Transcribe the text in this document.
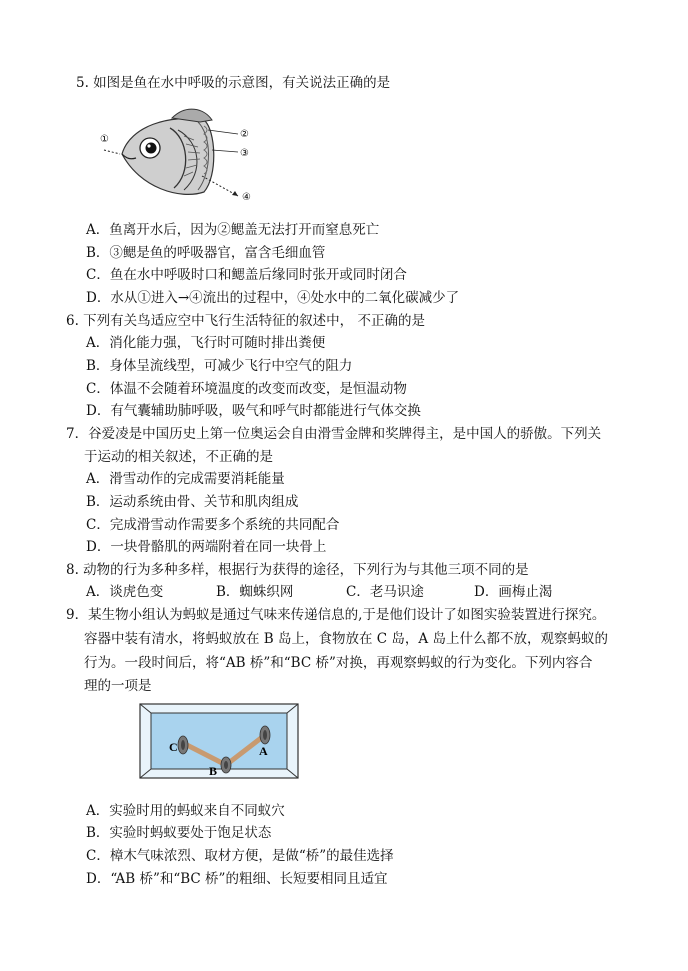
5. 如图是鱼在水中呼吸的示意图，有关说法正确的是
①	②
③
④
A．鱼离开水后，因为②鳃盖无法打开而窒息死亡
B．③鳃是鱼的呼吸器官，富含毛细血管
C．鱼在水中呼吸时口和鳃盖后缘同时张开或同时闭合
D．水从①进入→④流出的过程中，④处水中的二氧化碳减少了
6. 下列有关鸟适应空中飞行生活特征的叙述中， 不正确的是
A．消化能力强，飞行时可随时排出粪便
B．身体呈流线型，可减少飞行中空气的阻力
C．体温不会随着环境温度的改变而改变，是恒温动物
D．有气囊辅助肺呼吸，吸气和呼气时都能进行气体交换
7．谷爱凌是中国历史上第一位奥运会自由滑雪金牌和奖牌得主，是中国人的骄傲。下列关
于运动的相关叙述，不正确的是
A．滑雪动作的完成需要消耗能量
B．运动系统由骨、关节和肌肉组成
C．完成滑雪动作需要多个系统的共同配合
D．一块骨骼肌的两端附着在同一块骨上
8. 动物的行为多种多样，根据行为获得的途径，下列行为与其他三项不同的是
A．谈虎色变	B．蜘蛛织网	C．老马识途	D．画梅止渴
9．某生物小组认为蚂蚁是通过气味来传递信息的,于是他们设计了如图实验装置进行探究。
容器中装有清水，将蚂蚁放在 B 岛上，食物放在 C 岛，A 岛上什么都不放，观察蚂蚁的
行为。一段时间后，将“AB 桥”和“BC 桥”对换，再观察蚂蚁的行为变化。下列内容合
理的一项是
C
B
A
A．实验时用的蚂蚁来自不同蚁穴
B．实验时蚂蚁要处于饱足状态
C．樟木气味浓烈、取材方便，是做“桥”的最佳选择
D．“AB 桥”和“BC 桥”的粗细、长短要相同且适宜
